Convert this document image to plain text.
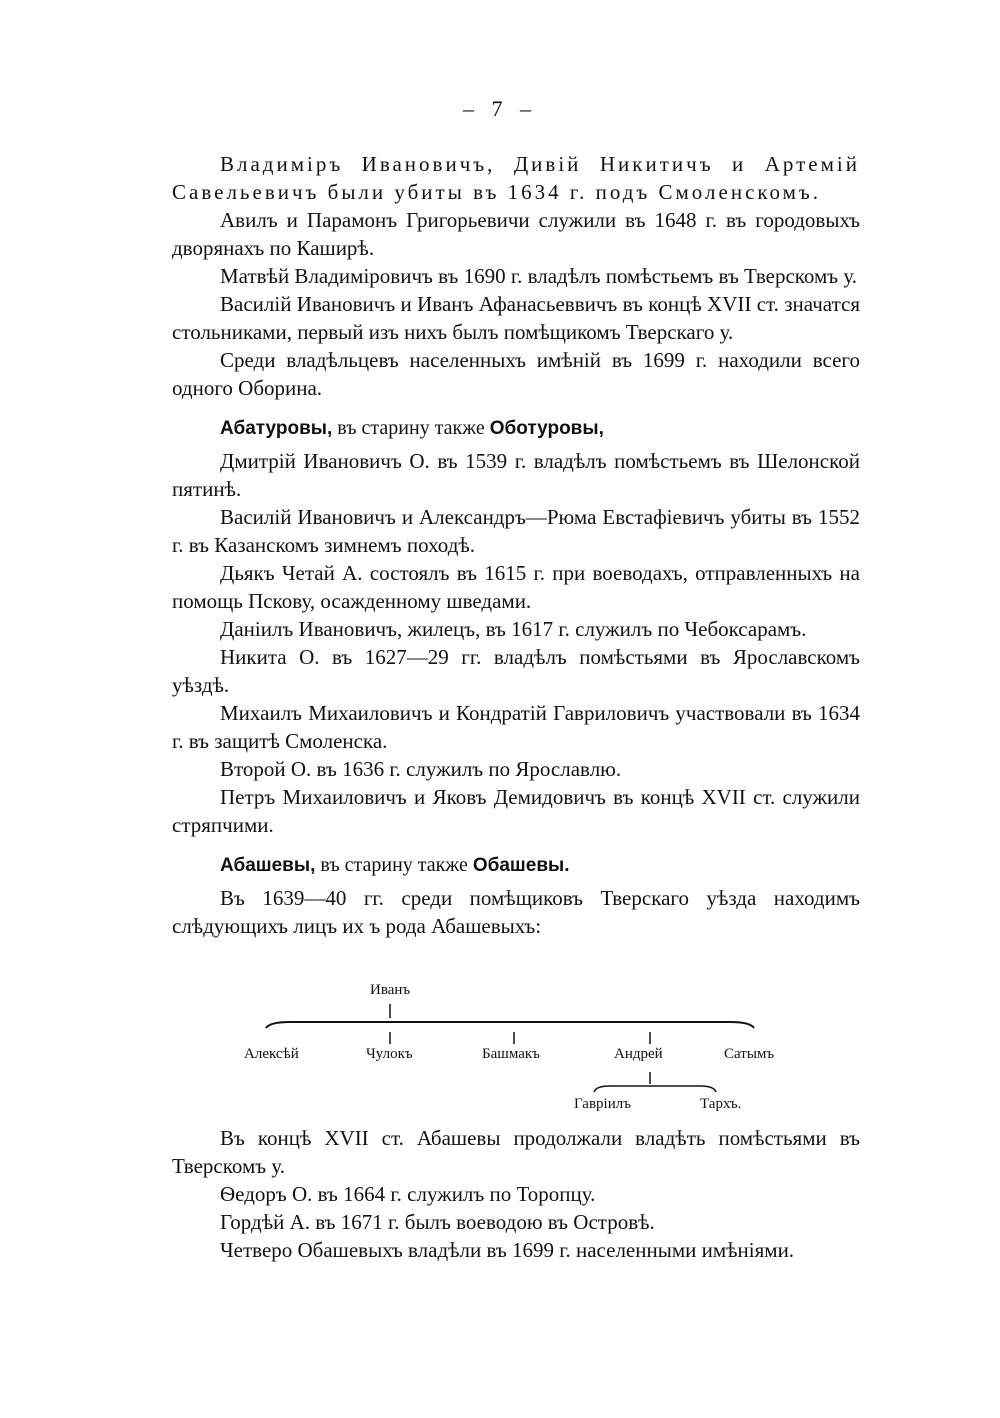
– 7 –

Владиміръ Ивановичъ, Дивій Никитичъ и Артемій Савельевичъ были убиты въ 1634 г. подъ Смоленскомъ.

Авилъ и Парамонъ Григорьевичи служили въ 1648 г. въ городовыхъ дворянахъ по Каширѣ.

Матвѣй Владиміровичъ въ 1690 г. владѣлъ помѣстьемъ въ Тверскомъ у.

Василій Ивановичъ и Иванъ Афанасьеввичъ въ концѣ XVII ст. значатся стольниками, первый изъ нихъ былъ помѣщикомъ Тверскаго у.

Среди владѣльцевъ населенныхъ имѣній въ 1699 г. находили всего одного Оборина.

Абатуровы, въ старину также Оботуровы,

Дмитрій Ивановичъ О. въ 1539 г. владѣлъ помѣстьемъ въ Шелонской пятинѣ.

Василій Ивановичъ и Александръ—Рюма Евстафіевичъ убиты въ 1552 г. въ Казанскомъ зимнемъ походѣ.

Дьякъ Четай А. состоялъ въ 1615 г. при воеводахъ, отправленныхъ на помощь Пскову, осажденному шведами.

Даніилъ Ивановичъ, жилецъ, въ 1617 г. служилъ по Чебоксарамъ.

Никита О. въ 1627—29 гг. владѣлъ помѣстьями въ Ярославскомъ уѣздѣ.

Михаилъ Михаиловичъ и Кондратій Гавриловичъ участвовали въ 1634 г. въ защитѣ Смоленска.

Второй О. въ 1636 г. служилъ по Ярославлю.

Петръ Михаиловичъ и Яковъ Демидовичъ въ концѣ XVII ст. служили стряпчими.

Абашевы, въ старину также Обашевы.

Въ 1639—40 гг. среди помѣщиковъ Тверскаго уѣзда находимъ слѣдующихъ лицъ их ъ рода Абашевыхъ:

Иванъ
Алексѣй	Чулокъ	Башмакъ	Андрей	Сатымъ
Гавріилъ	Тархъ.

Въ концѣ XVII ст. Абашевы продолжали владѣть помѣстьями въ Тверскомъ у.

Ѳедоръ О. въ 1664 г. служилъ по Торопцу.

Гордѣй А. въ 1671 г. былъ воеводою въ Островѣ.

Четверо Обашевыхъ владѣли въ 1699 г. населенными имѣніями.
